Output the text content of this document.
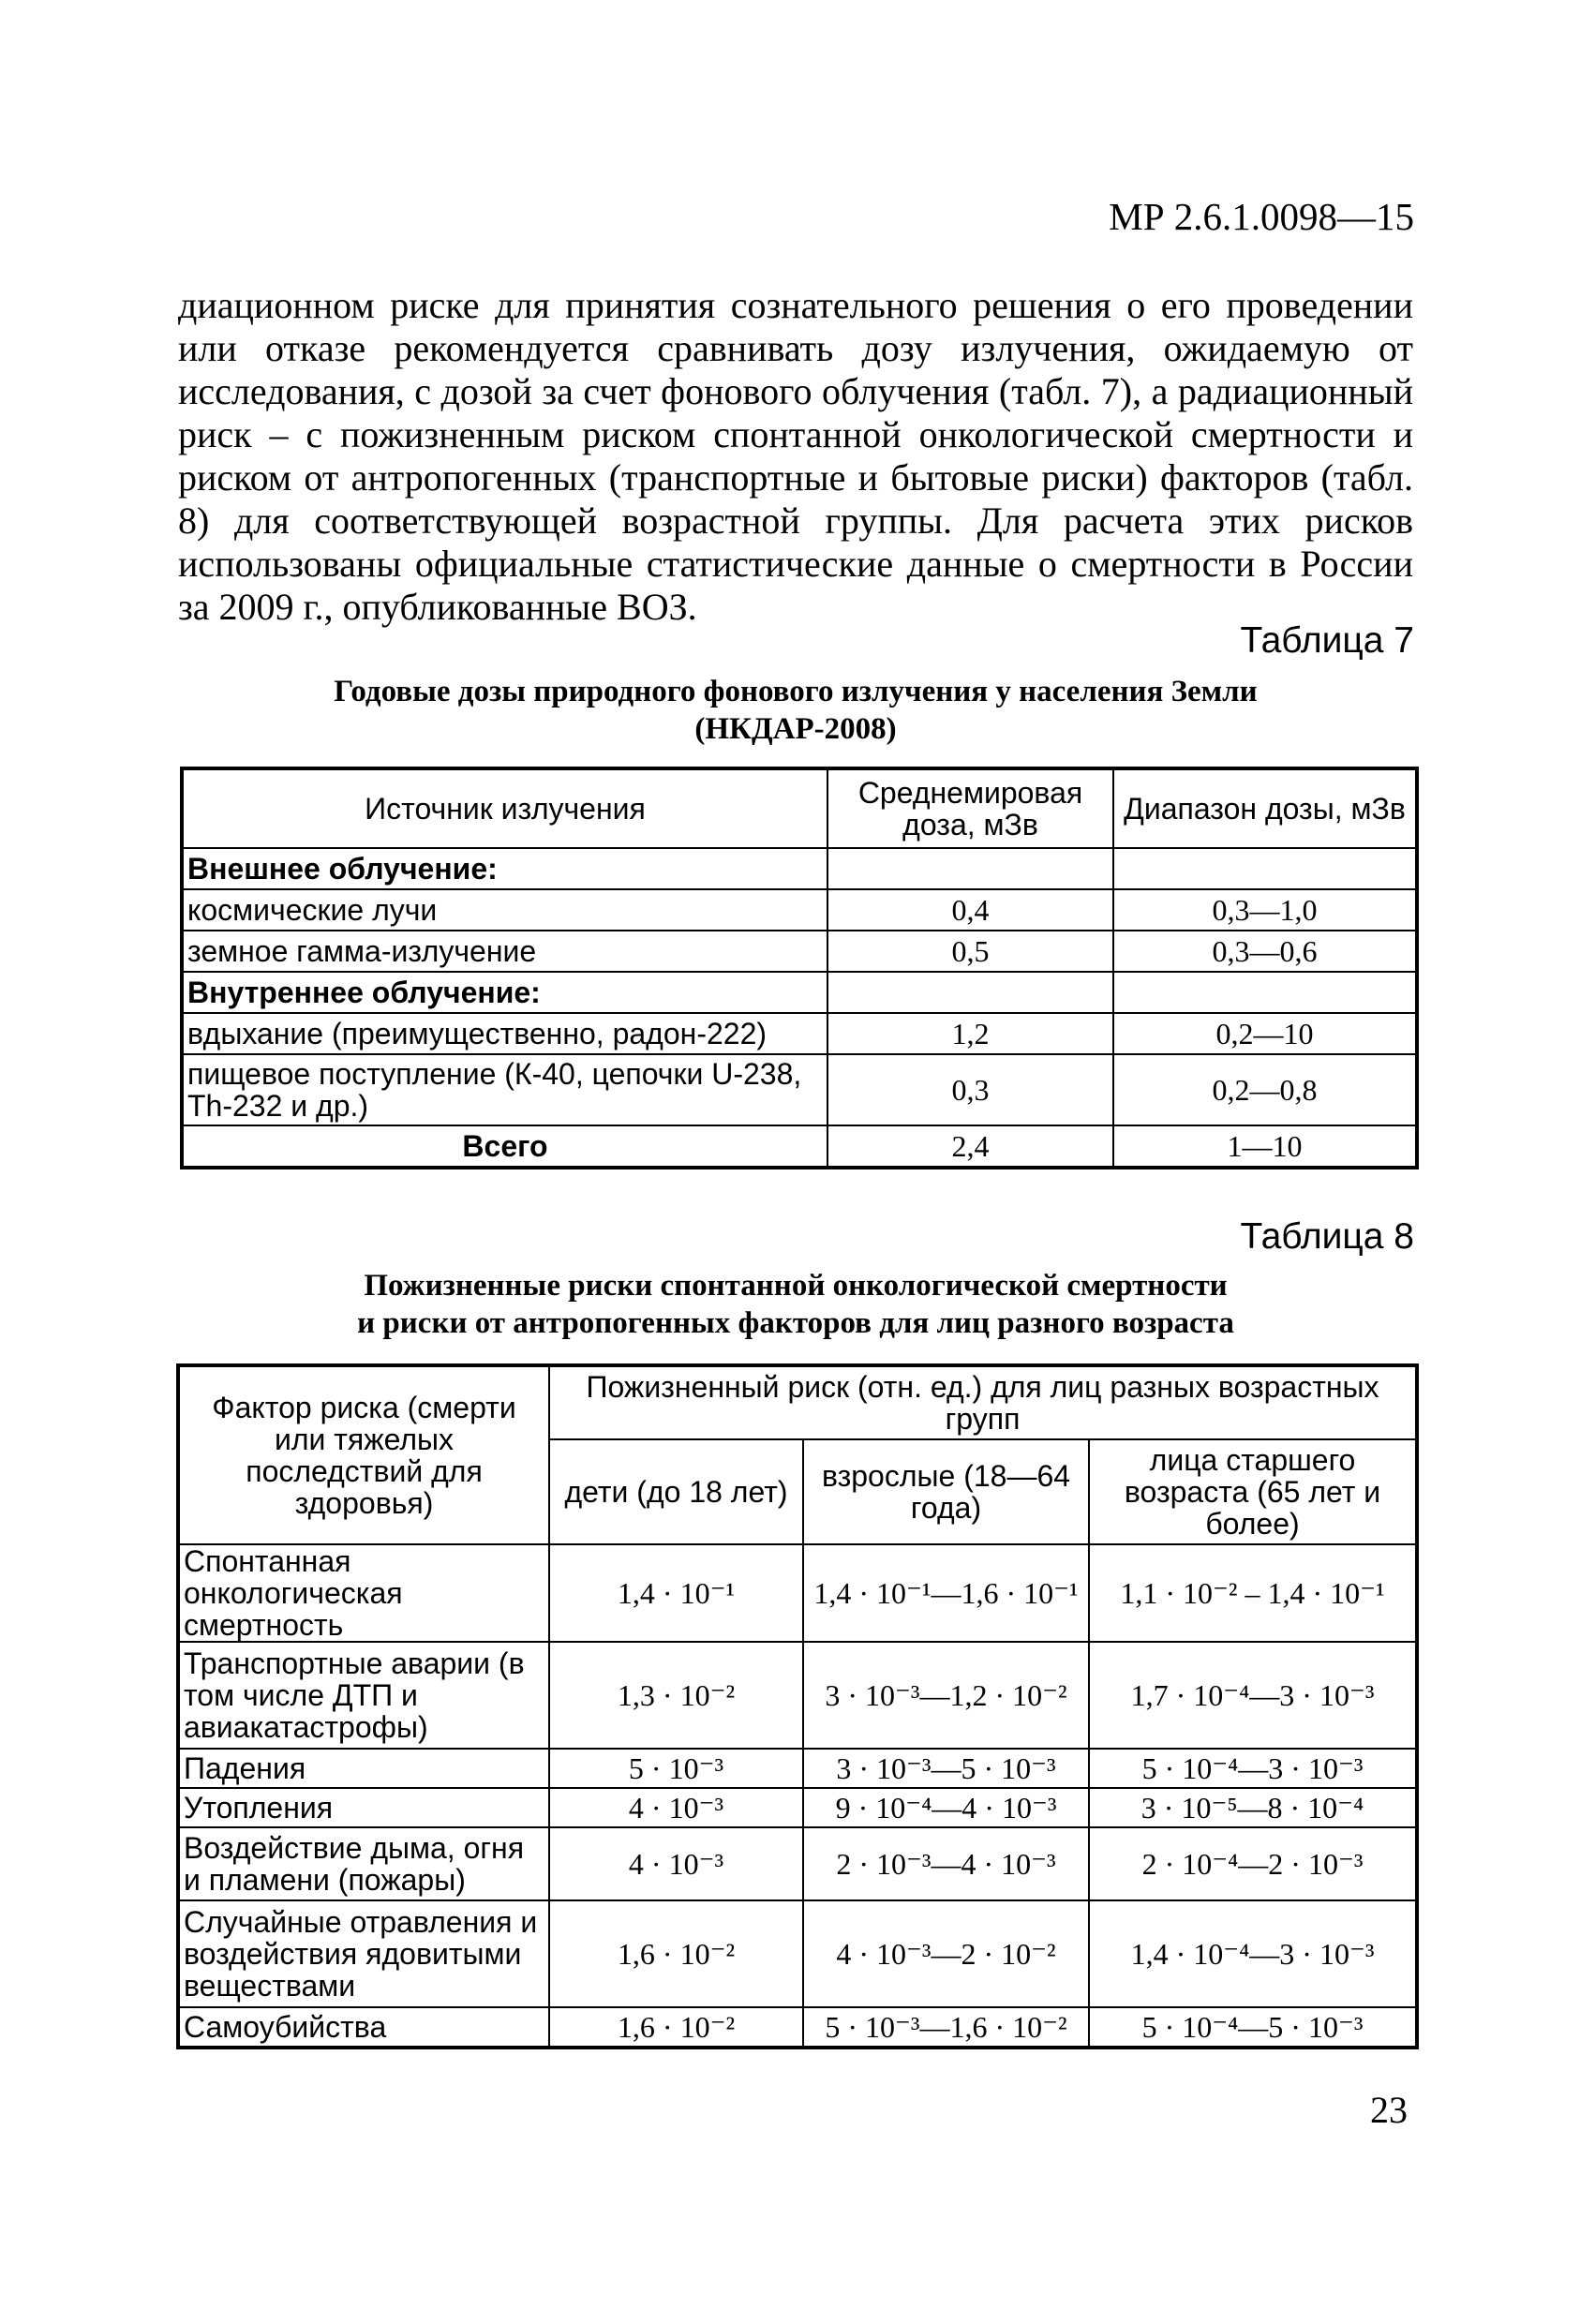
МР 2.6.1.0098—15

диационном риске для принятия сознательного решения о его проведении или отказе рекомендуется сравнивать дозу излучения, ожидаемую от исследования, с дозой за счет фонового облучения (табл. 7), а радиационный риск – с пожизненным риском спонтанной онкологической смертности и риском от антропогенных (транспортные и бытовые риски) факторов (табл. 8) для соответствующей возрастной группы. Для расчета этих рисков использованы официальные статистические данные о смертности в России за 2009 г., опубликованные ВОЗ.

Таблица 7

Годовые дозы природного фонового излучения у населения Земли
(НКДАР-2008)

Источник излучения	Среднемировая доза, мЗв	Диапазон дозы, мЗв
Внешнее облучение:		
космические лучи	0,4	0,3—1,0
земное гамма-излучение	0,5	0,3—0,6
Внутреннее облучение:		
вдыхание (преимущественно, радон-222)	1,2	0,2—10
пищевое поступление (К-40, цепочки U-238, Th-232 и др.)	0,3	0,2—0,8
Всего	2,4	1—10
Таблица 8

Пожизненные риски спонтанной онкологической смертности
и риски от антропогенных факторов для лиц разного возраста

Фактор риска (смерти или тяжелых последствий для здоровья)	Пожизненный риск (отн. ед.) для лиц разных возрастных групп		
	дети (до 18 лет)	взрослые (18—64 года)	лица старшего возраста (65 лет и более)
Спонтанная онкологическая смертность	1,4 · 10⁻¹	1,4 · 10⁻¹—1,6 · 10⁻¹	1,1 · 10⁻² – 1,4 · 10⁻¹
Транспортные аварии (в том числе ДТП и авиакатастрофы)	1,3 · 10⁻²	3 · 10⁻³—1,2 · 10⁻²	1,7 · 10⁻⁴—3 · 10⁻³
Падения	5 · 10⁻³	3 · 10⁻³—5 · 10⁻³	5 · 10⁻⁴—3 · 10⁻³
Утопления	4 · 10⁻³	9 · 10⁻⁴—4 · 10⁻³	3 · 10⁻⁵—8 · 10⁻⁴
Воздействие дыма, огня и пламени (пожары)	4 · 10⁻³	2 · 10⁻³—4 · 10⁻³	2 · 10⁻⁴—2 · 10⁻³
Случайные отравления и воздействия ядовитыми веществами	1,6 · 10⁻²	4 · 10⁻³—2 · 10⁻²	1,4 · 10⁻⁴—3 · 10⁻³
Самоубийства	1,6 · 10⁻²	5 · 10⁻³—1,6 · 10⁻²	5 · 10⁻⁴—5 · 10⁻³
23
